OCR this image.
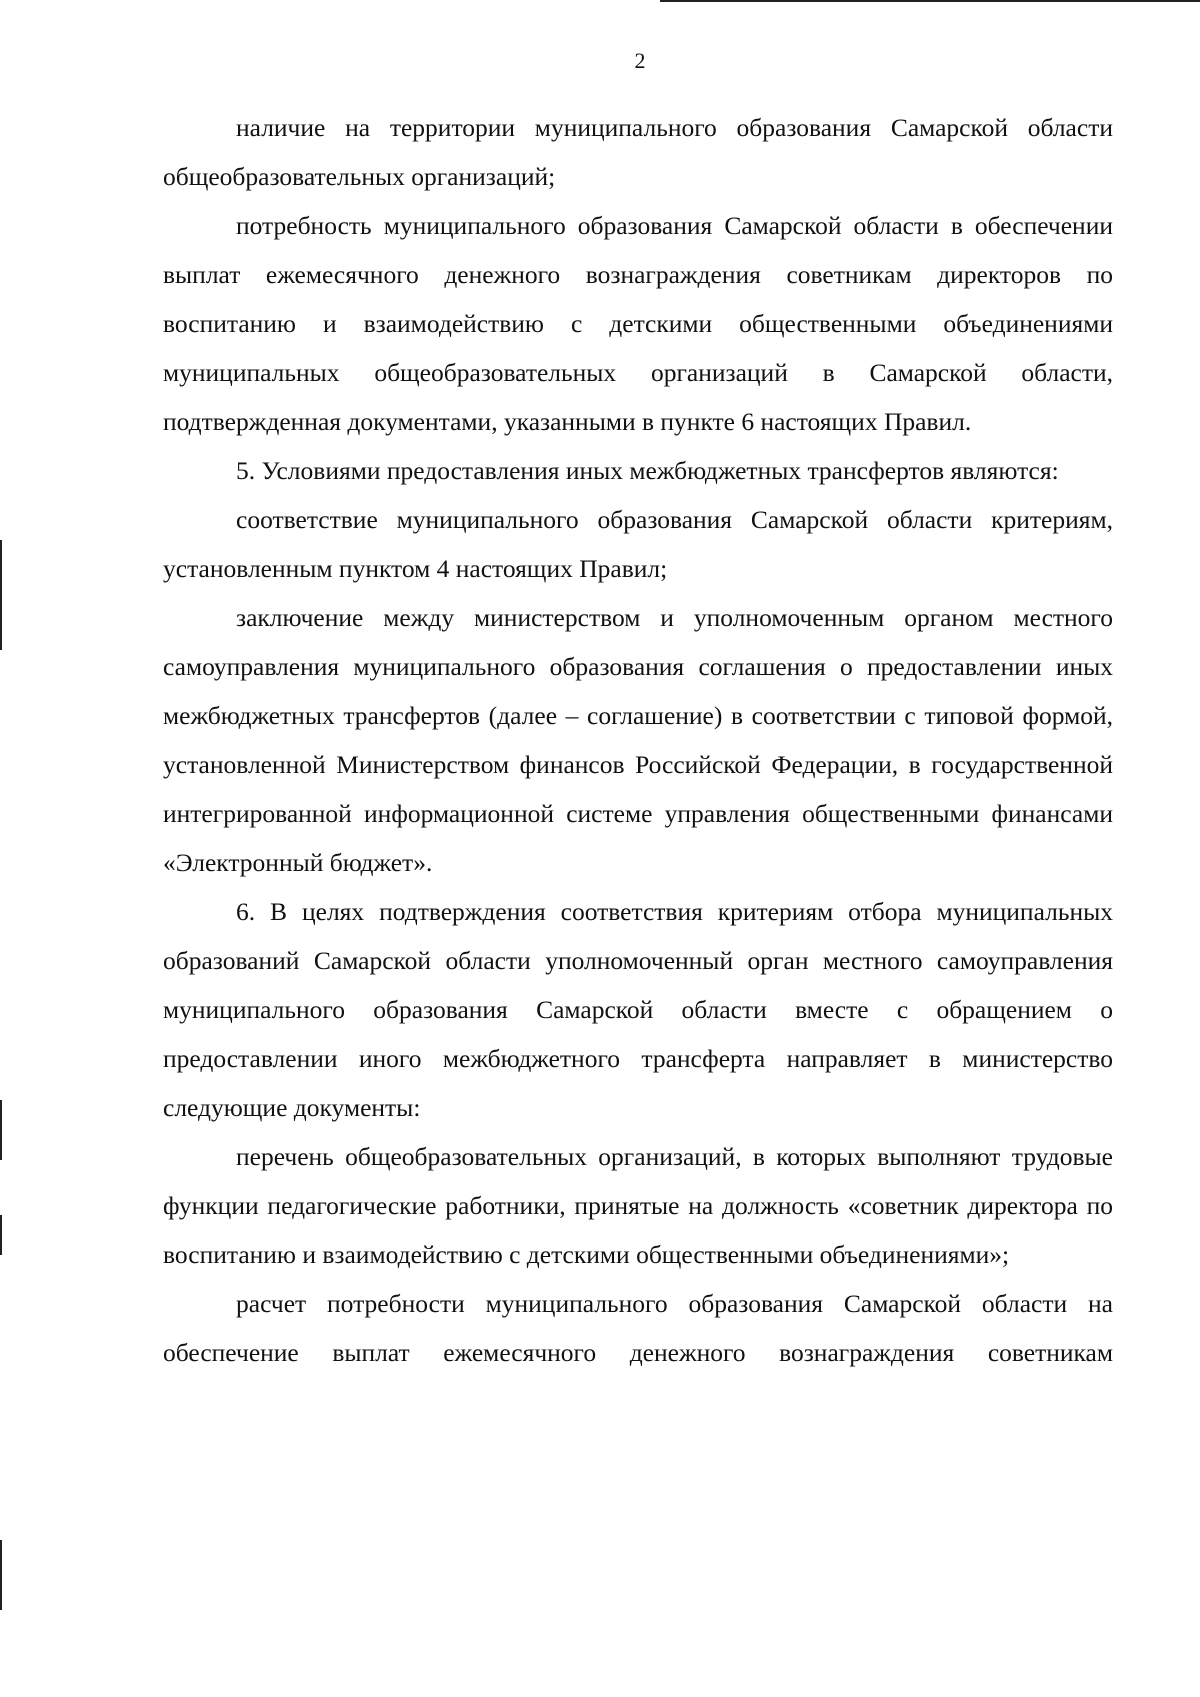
2

наличие на территории муниципального образования Самарской области общеобразовательных организаций;

потребность муниципального образования Самарской области в обеспечении выплат ежемесячного денежного вознаграждения советникам директоров по воспитанию и взаимодействию с детскими общественными объединениями муниципальных общеобразовательных организаций в Самарской области, подтвержденная документами, указанными в пункте 6 настоящих Правил.

5. Условиями предоставления иных межбюджетных трансфертов являются:

соответствие муниципального образования Самарской области критериям, установленным пунктом 4 настоящих Правил;

заключение между министерством и уполномоченным органом местного самоуправления муниципального образования соглашения о предоставлении иных межбюджетных трансфертов (далее – соглашение) в соответствии с типовой формой, установленной Министерством финансов Российской Федерации, в государственной интегрированной информационной системе управления общественными финансами «Электронный бюджет».

6. В целях подтверждения соответствия критериям отбора муниципальных образований Самарской области уполномоченный орган местного самоуправления муниципального образования Самарской области вместе с обращением о предоставлении иного межбюджетного трансферта направляет в министерство следующие документы:

перечень общеобразовательных организаций, в которых выполняют трудовые функции педагогические работники, принятые на должность «советник директора по воспитанию и взаимодействию с детскими общественными объединениями»;

расчет потребности муниципального образования Самарской области на обеспечение выплат ежемесячного денежного вознаграждения советникам
